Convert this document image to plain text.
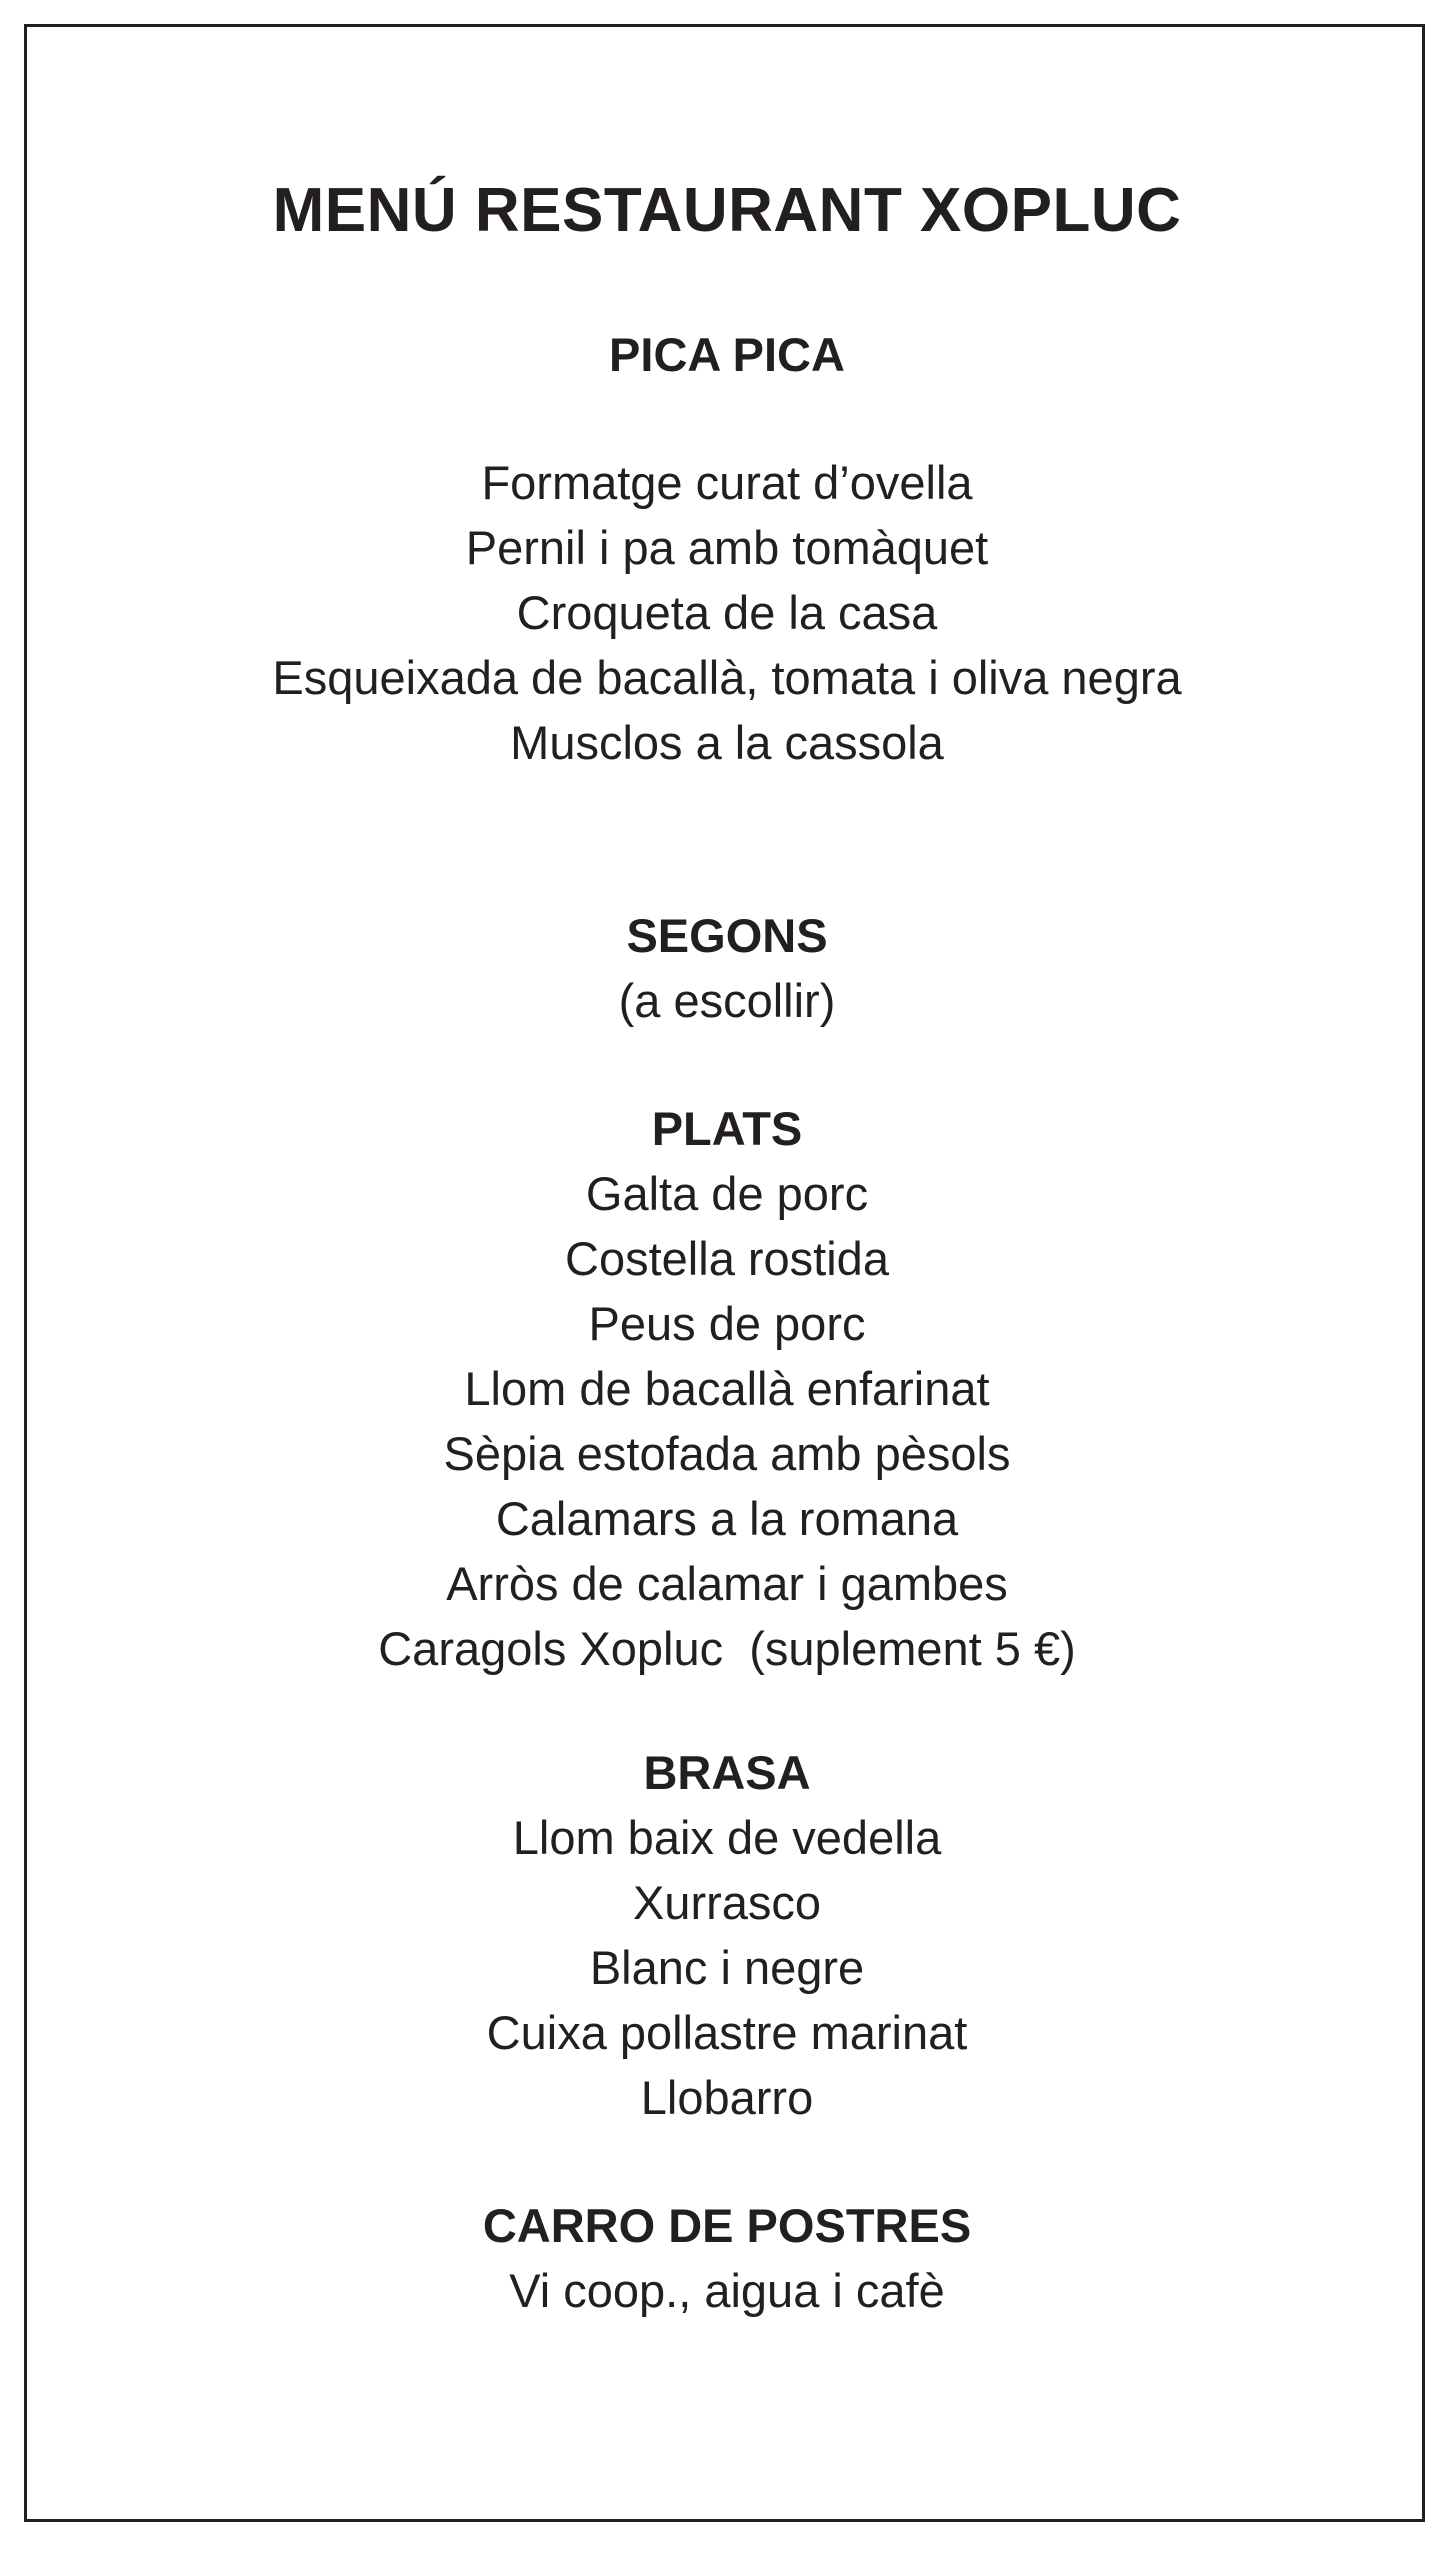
MENÚ RESTAURANT XOPLUC
PICA PICA
Formatge curat d’ovella
Pernil i pa amb tomàquet
Croqueta de la casa
Esqueixada de bacallà, tomata i oliva negra
Musclos a la cassola
SEGONS
(a escollir)
PLATS
Galta de porc
Costella rostida
Peus de porc
Llom de bacallà enfarinat
Sèpia estofada amb pèsols
Calamars a la romana
Arròs de calamar i gambes
Caragols Xopluc  (suplement 5 €)
BRASA
Llom baix de vedella
Xurrasco
Blanc i negre
Cuixa pollastre marinat
Llobarro
CARRO DE POSTRES
Vi coop., aigua i cafè
